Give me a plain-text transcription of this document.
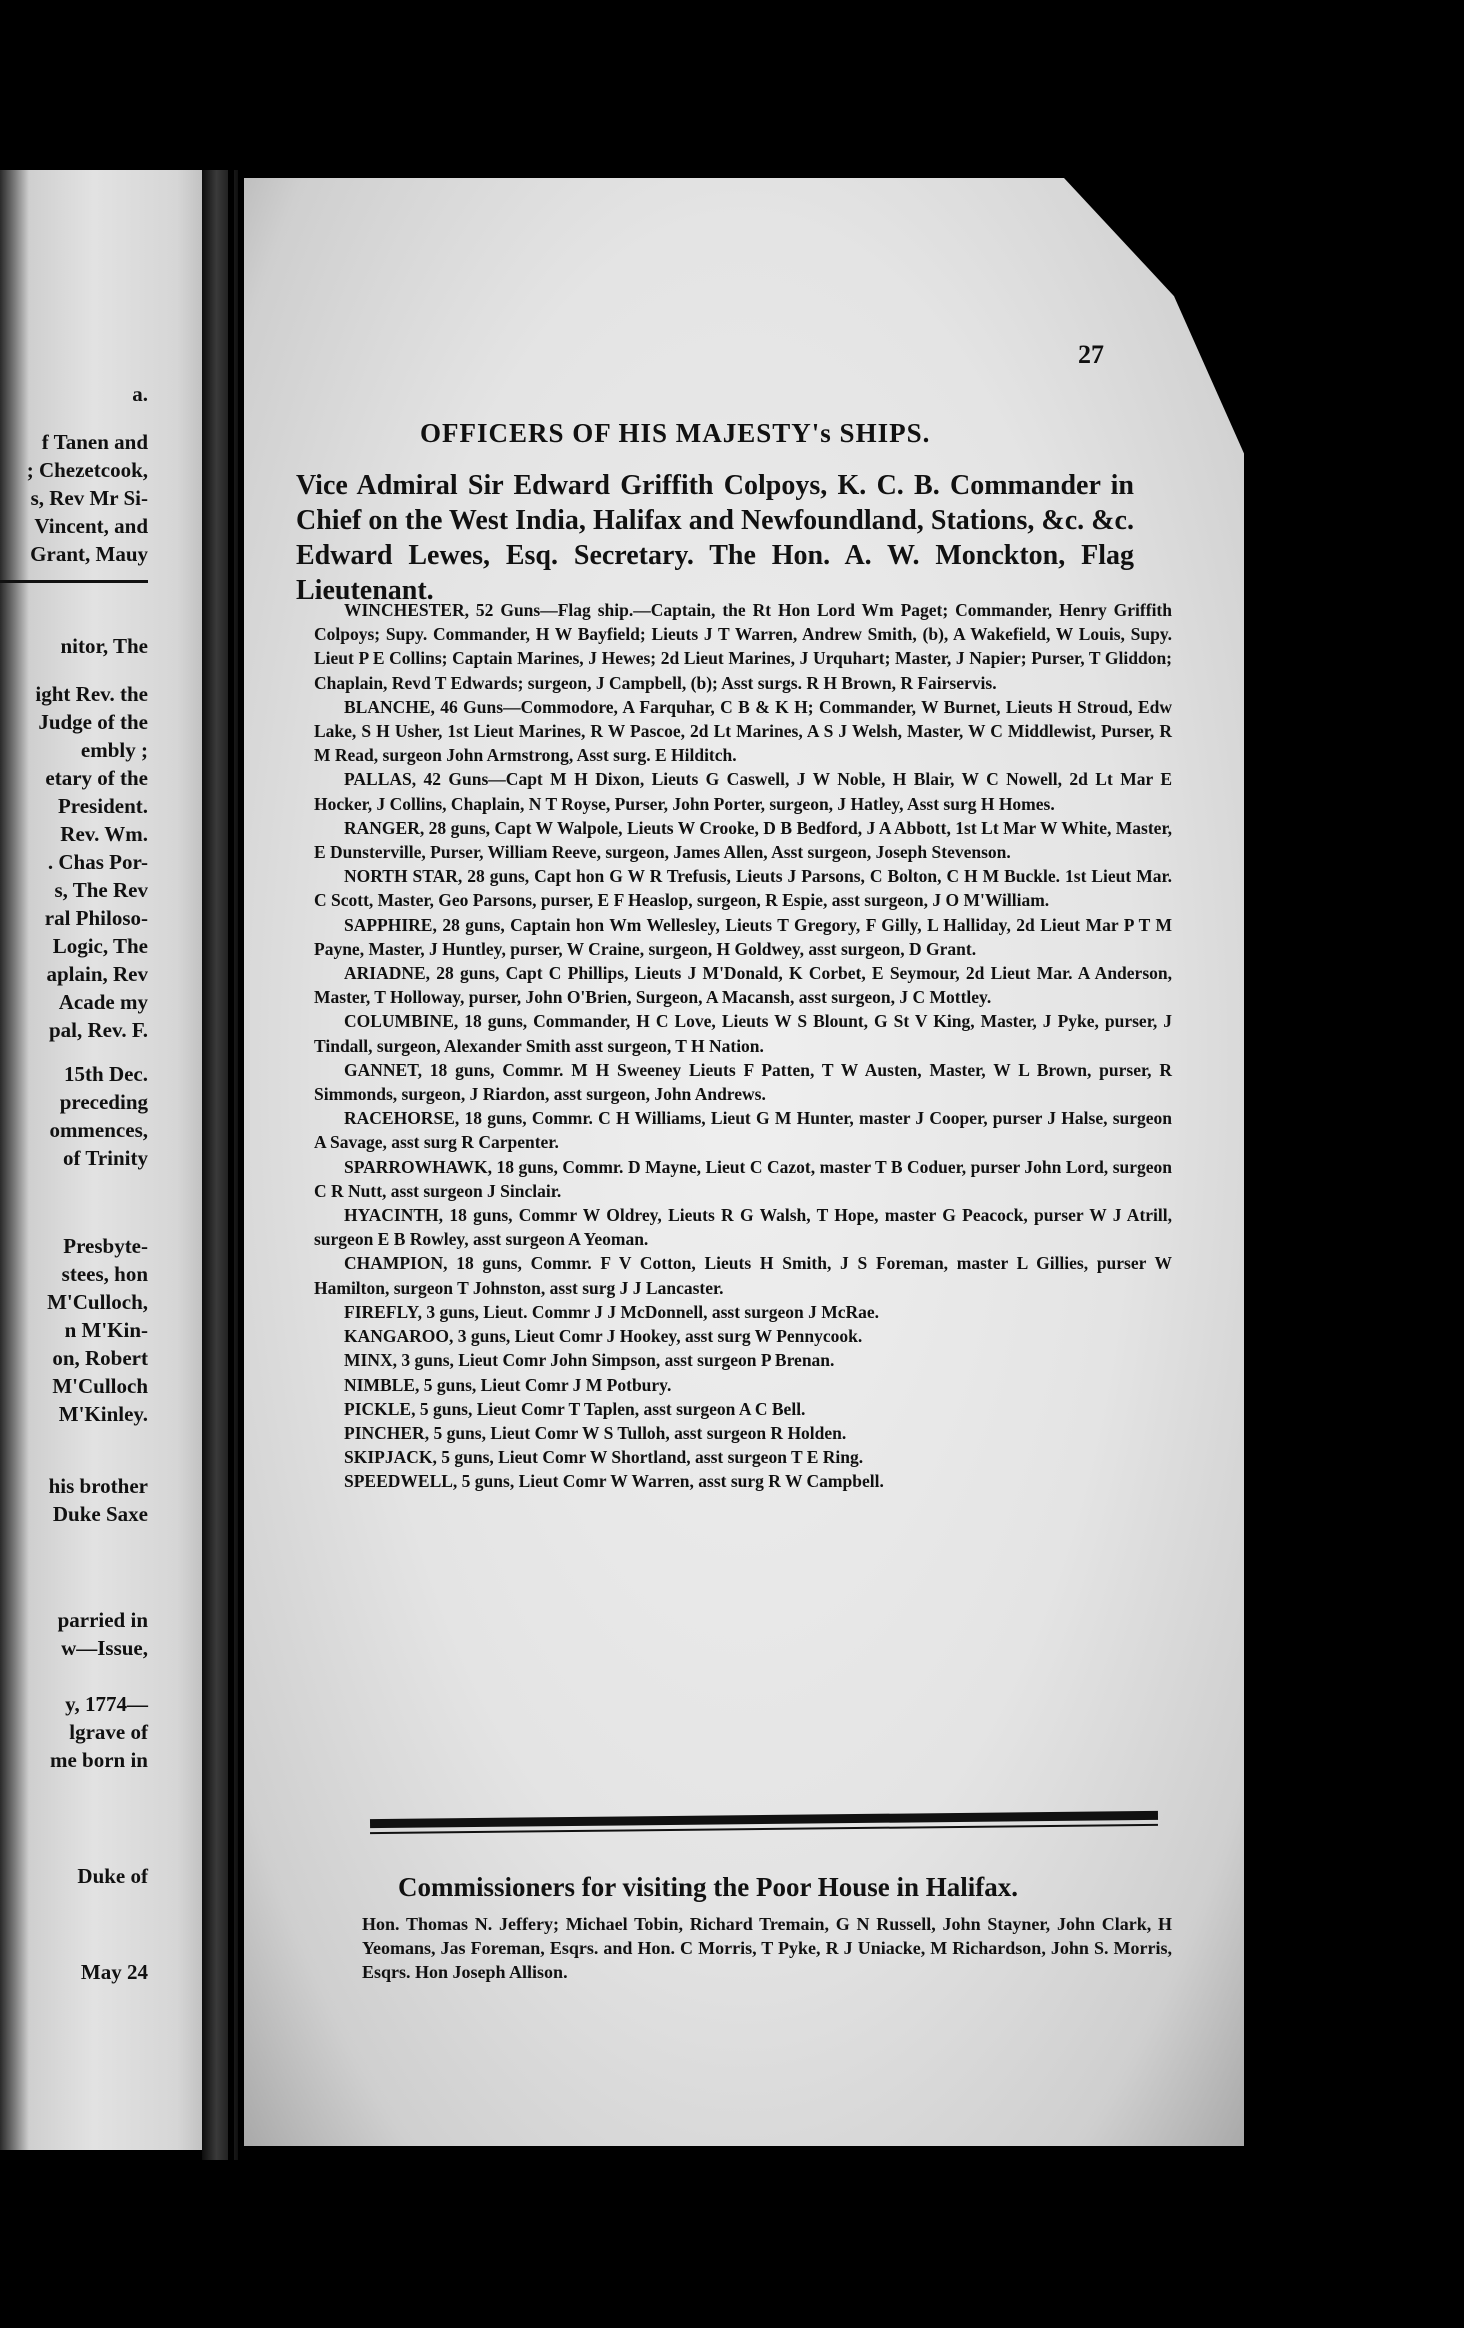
a.
f Tanen and
; Chezetcook,
s, Rev Mr Si-
Vincent, and
Grant, Mauy
nitor, The
ight Rev. the
Judge of the
embly ;
etary of the
President.
Rev. Wm.
. Chas Por-
s, The Rev
ral Philoso-
Logic, The
aplain, Rev
Acade my
pal, Rev. F.
15th Dec.
preceding
ommences,
of Trinity
Presbyte-
stees, hon
M'Culloch,
n M'Kin-
on, Robert
M'Culloch
M'Kinley.
his brother
Duke Saxe
parried in
w—Issue,
y, 1774—
lgrave of
me born in
Duke of
May 24
27
OFFICERS OF HIS MAJESTY's SHIPS.
Vice Admiral Sir Edward Griffith Colpoys, K. C. B. Commander in Chief on the West India, Halifax and Newfoundland, Stations, &c. &c. Edward Lewes, Esq. Secretary. The Hon. A. W. Monckton, Flag Lieutenant.

WINCHESTER, 52 Guns—Flag ship.—Captain, the Rt Hon Lord Wm Paget; Commander, Henry Griffith Colpoys; Supy. Commander, H W Bayfield; Lieuts J T Warren, Andrew Smith, (b), A Wakefield, W Louis, Supy. Lieut P E Collins; Captain Marines, J Hewes; 2d Lieut Marines, J Urquhart; Master, J Napier; Purser, T Gliddon; Chaplain, Revd T Edwards; surgeon, J Campbell, (b); Asst surgs. R H Brown, R Fairservis.

BLANCHE, 46 Guns—Commodore, A Farquhar, C B & K H; Commander, W Burnet, Lieuts H Stroud, Edw Lake, S H Usher, 1st Lieut Marines, R W Pascoe, 2d Lt Marines, A S J Welsh, Master, W C Middlewist, Purser, R M Read, surgeon John Armstrong, Asst surg. E Hilditch.

PALLAS, 42 Guns—Capt M H Dixon, Lieuts G Caswell, J W Noble, H Blair, W C Nowell, 2d Lt Mar E Hocker, J Collins, Chaplain, N T Royse, Purser, John Porter, surgeon, J Hatley, Asst surg H Homes.

RANGER, 28 guns, Capt W Walpole, Lieuts W Crooke, D B Bedford, J A Abbott, 1st Lt Mar W White, Master, E Dunsterville, Purser, William Reeve, surgeon, James Allen, Asst surgeon, Joseph Stevenson.

NORTH STAR, 28 guns, Capt hon G W R Trefusis, Lieuts J Parsons, C Bolton, C H M Buckle. 1st Lieut Mar. C Scott, Master, Geo Parsons, purser, E F Heaslop, surgeon, R Espie, asst surgeon, J O M'William.

SAPPHIRE, 28 guns, Captain hon Wm Wellesley, Lieuts T Gregory, F Gilly, L Halliday, 2d Lieut Mar P T M Payne, Master, J Huntley, purser, W Craine, surgeon, H Goldwey, asst surgeon, D Grant.

ARIADNE, 28 guns, Capt C Phillips, Lieuts J M'Donald, K Corbet, E Seymour, 2d Lieut Mar. A Anderson, Master, T Holloway, purser, John O'Brien, Surgeon, A Macansh, asst surgeon, J C Mottley.

COLUMBINE, 18 guns, Commander, H C Love, Lieuts W S Blount, G St V King, Master, J Pyke, purser, J Tindall, surgeon, Alexander Smith asst surgeon, T H Nation.

GANNET, 18 guns, Commr. M H Sweeney Lieuts F Patten, T W Austen, Master, W L Brown, purser, R Simmonds, surgeon, J Riardon, asst surgeon, John Andrews.

RACEHORSE, 18 guns, Commr. C H Williams, Lieut G M Hunter, master J Cooper, purser J Halse, surgeon A Savage, asst surg R Carpenter.

SPARROWHAWK, 18 guns, Commr. D Mayne, Lieut C Cazot, master T B Coduer, purser John Lord, surgeon C R Nutt, asst surgeon J Sinclair.

HYACINTH, 18 guns, Commr W Oldrey, Lieuts R G Walsh, T Hope, master G Peacock, purser W J Atrill, surgeon E B Rowley, asst surgeon A Yeoman.

CHAMPION, 18 guns, Commr. F V Cotton, Lieuts H Smith, J S Foreman, master L Gillies, purser W Hamilton, surgeon T Johnston, asst surg J J Lancaster.

FIREFLY, 3 guns, Lieut. Commr J J McDonnell, asst surgeon J McRae.

KANGAROO, 3 guns, Lieut Comr J Hookey, asst surg W Pennycook.

MINX, 3 guns, Lieut Comr John Simpson, asst surgeon P Brenan.

NIMBLE, 5 guns, Lieut Comr J M Potbury.

PICKLE, 5 guns, Lieut Comr T Taplen, asst surgeon A C Bell.

PINCHER, 5 guns, Lieut Comr W S Tulloh, asst surgeon R Holden.

SKIPJACK, 5 guns, Lieut Comr W Shortland, asst surgeon T E Ring.

SPEEDWELL, 5 guns, Lieut Comr W Warren, asst surg R W Campbell.

Commissioners for visiting the Poor House in Halifax.
Hon. Thomas N. Jeffery; Michael Tobin, Richard Tremain, G N Russell, John Stayner, John Clark, H Yeomans, Jas Foreman, Esqrs. and Hon. C Morris, T Pyke, R J Uniacke, M Richardson, John S. Morris, Esqrs. Hon Joseph Allison.
